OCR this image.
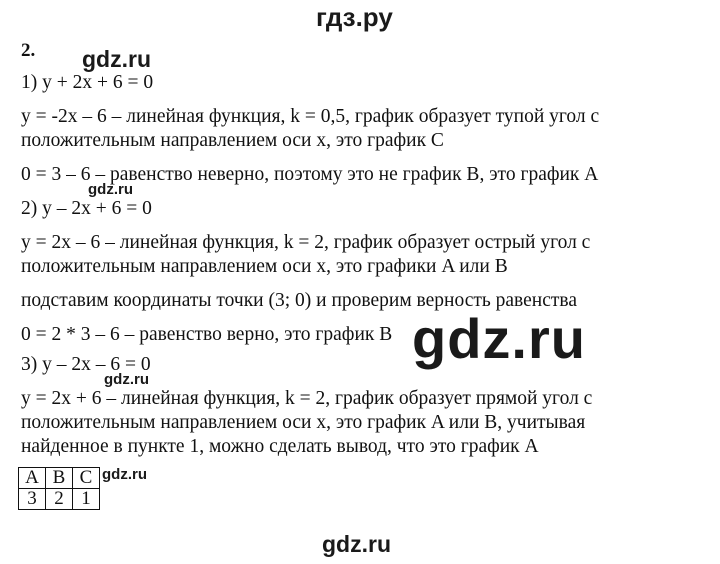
гдз.ру
2. gdz.ru
1) y + 2x + 6 = 0
y = -2x – 6 – линейная функция, k = 0,5, график образует тупой угол с
положительным направлением оси x, это график C
0 = 3 – 6 – равенство неверно, поэтому это не график B, это график A
gdz.ru
2) y – 2x + 6 = 0
y = 2x – 6 – линейная функция, k = 2, график образует острый угол с
положительным направлением оси x, это графики A или B
подставим координаты точки (3; 0) и проверим верность равенства
0 = 2 * 3 – 6 – равенство верно, это график B gdz.ru
3) y – 2x – 6 = 0
gdz.ru
y = 2x + 6 – линейная функция, k = 2, график образует прямой угол с
положительным направлением оси x, это график A или B, учитывая
найденное в пункте 1, можно сделать вывод, что это график A
A	B	C
3	2	1
gdz.ru
gdz.ru
